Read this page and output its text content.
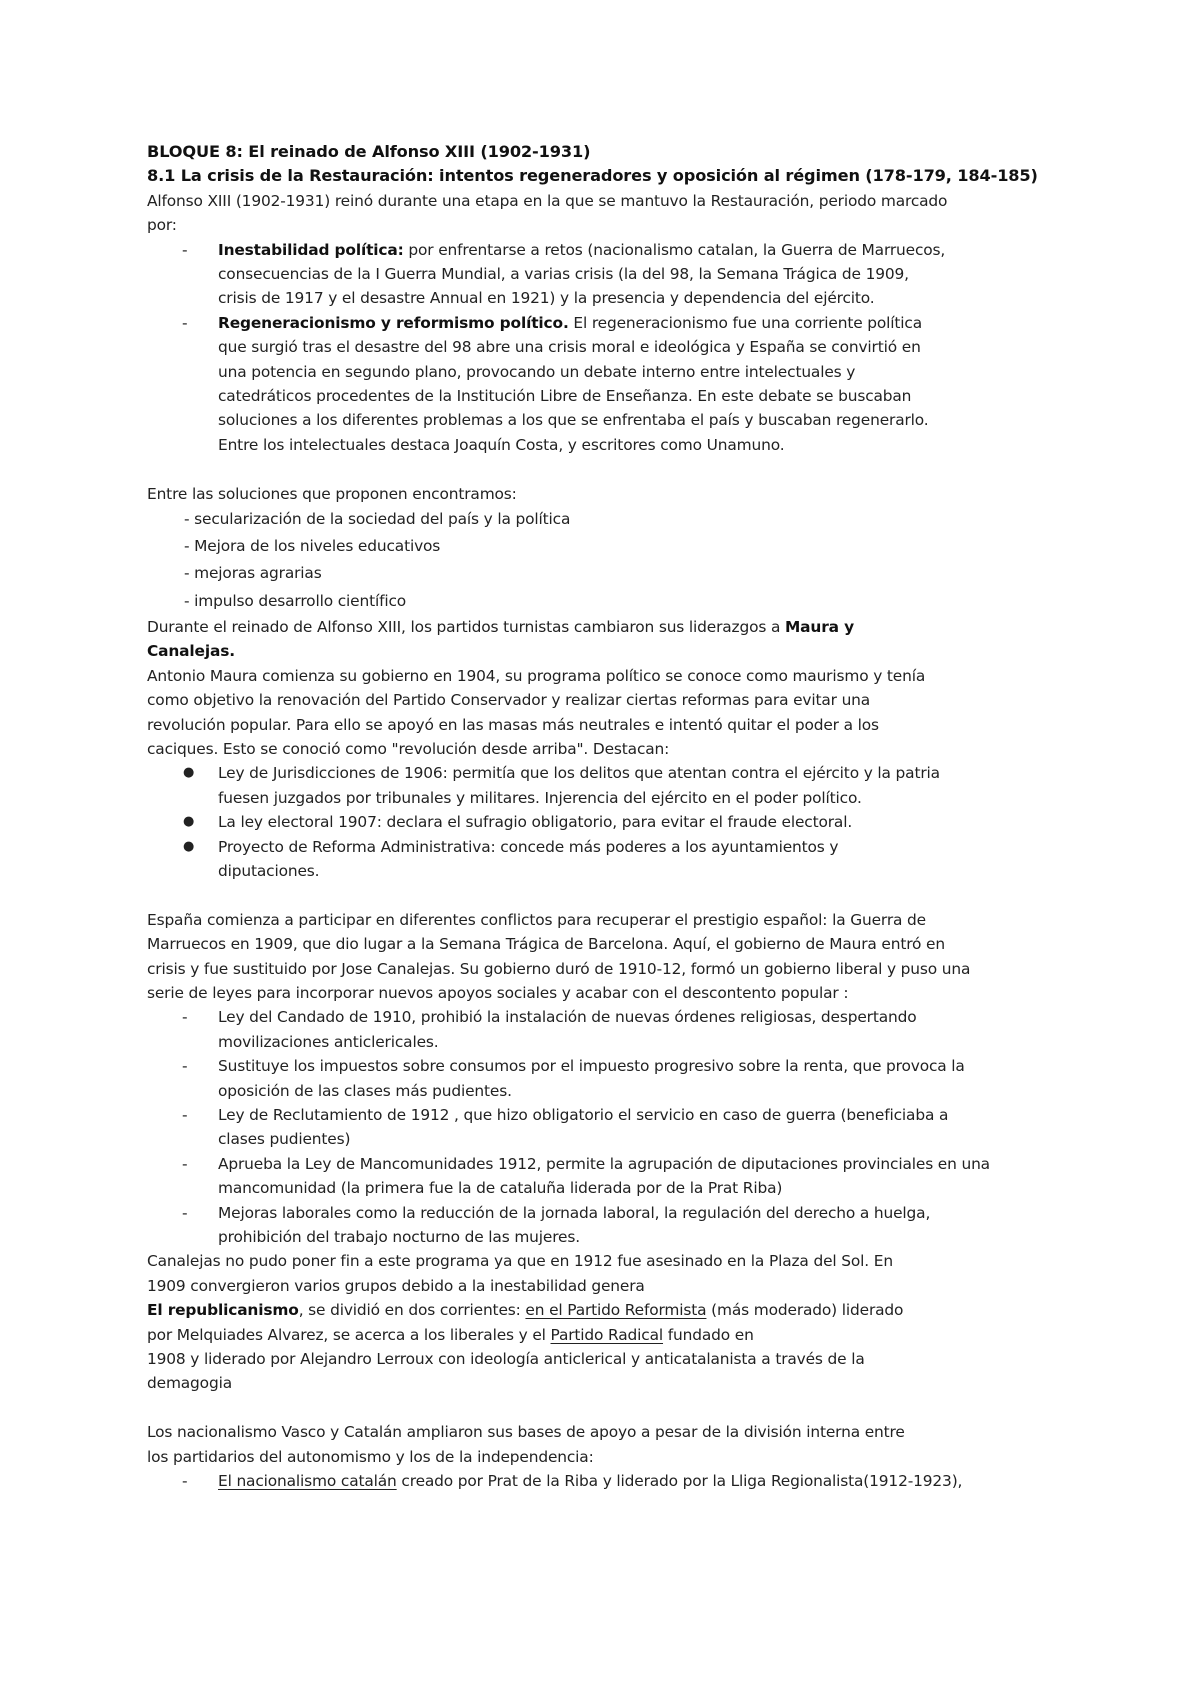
BLOQUE 8: El reinado de Alfonso XIII (1902-1931)

8.1 La crisis de la Restauración: intentos regeneradores y oposición al régimen (178-179, 184-185)

Alfonso XIII (1902-1931) reinó durante una etapa en la que se mantuvo la Restauración, periodo marcado por:

- Inestabilidad política: por enfrentarse a retos (nacionalismo catalan, la Guerra de Marruecos, consecuencias de la I Guerra Mundial, a varias crisis (la del 98, la Semana Trágica de 1909, crisis de 1917 y el desastre Annual en 1921) y la presencia y dependencia del ejército.
- Regeneracionismo y reformismo político. El regeneracionismo fue una corriente política que surgió tras el desastre del 98 abre una crisis moral e ideológica y España se convirtió en una potencia en segundo plano, provocando un debate interno entre intelectuales y catedráticos procedentes de la Institución Libre de Enseñanza. En este debate se buscaban soluciones a los diferentes problemas a los que se enfrentaba el país y buscaban regenerarlo. Entre los intelectuales destaca Joaquín Costa, y escritores como Unamuno.

Entre las soluciones que proponen encontramos:

- secularización de la sociedad del país y la política
- Mejora de los niveles educativos
- mejoras agrarias
- impulso desarrollo científico

Durante el reinado de Alfonso XIII, los partidos turnistas cambiaron sus liderazgos a Maura y Canalejas.

Antonio Maura comienza su gobierno en 1904, su programa político se conoce como maurismo y tenía como objetivo la renovación del Partido Conservador y realizar ciertas reformas para evitar una revolución popular. Para ello se apoyó en las masas más neutrales e intentó quitar el poder a los caciques. Esto se conoció como "revolución desde arriba". Destacan:

● Ley de Jurisdicciones de 1906: permitía que los delitos que atentan contra el ejército y la patria fuesen juzgados por tribunales y militares. Injerencia del ejército en el poder político.
● La ley electoral 1907: declara el sufragio obligatorio, para evitar el fraude electoral.
● Proyecto de Reforma Administrativa: concede más poderes a los ayuntamientos y diputaciones.

España comienza a participar en diferentes conflictos para recuperar el prestigio español: la Guerra de Marruecos en 1909, que dio lugar a la Semana Trágica de Barcelona. Aquí, el gobierno de Maura entró en crisis y fue sustituido por Jose Canalejas. Su gobierno duró de 1910-12, formó un gobierno liberal y puso una serie de leyes para incorporar nuevos apoyos sociales y acabar con el descontento popular :

- Ley del Candado de 1910, prohibió la instalación de nuevas órdenes religiosas, despertando movilizaciones anticlericales.
- Sustituye los impuestos sobre consumos por el impuesto progresivo sobre la renta, que provoca la oposición de las clases más pudientes.
- Ley de Reclutamiento de 1912 , que hizo obligatorio el servicio en caso de guerra (beneficiaba a clases pudientes)
- Aprueba la Ley de Mancomunidades 1912, permite la agrupación de diputaciones provinciales en una mancomunidad (la primera fue la de cataluña liderada por de la Prat Riba)
- Mejoras laborales como la reducción de la jornada laboral, la regulación del derecho a huelga, prohibición del trabajo nocturno de las mujeres.

Canalejas no pudo poner fin a este programa ya que en 1912 fue asesinado en la Plaza del Sol. En

1909 convergieron varios grupos debido a la inestabilidad genera

El republicanismo, se dividió en dos corrientes: en el Partido Reformista (más moderado) liderado
por Melquiades Alvarez, se acerca a los liberales y el Partido Radical fundado en
1908 y liderado por Alejandro Lerroux con ideología anticlerical y anticatalanista a través de la
demagogia

Los nacionalismo Vasco y Catalán ampliaron sus bases de apoyo a pesar de la división interna entre

los partidarios del autonomismo y los de la independencia:

- El nacionalismo catalán creado por Prat de la Riba y liderado por la Lliga Regionalista(1912-1923),
